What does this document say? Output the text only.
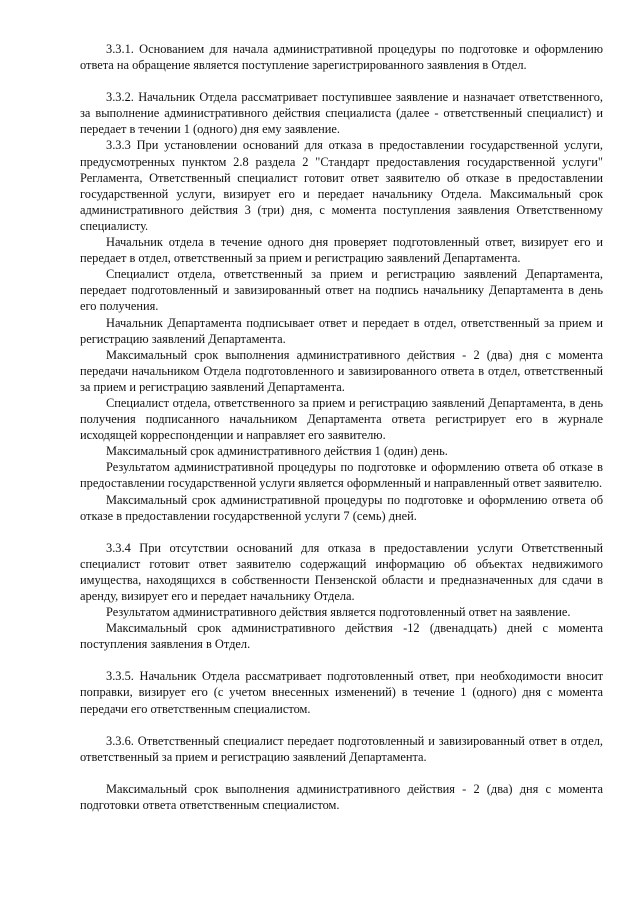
3.3.1. Основанием для начала административной процедуры по подготовке и оформлению ответа на обращение является поступление зарегистрированного заявления в Отдел.

3.3.2. Начальник Отдела рассматривает поступившее заявление и назначает ответственного, за выполнение административного действия специалиста (далее - ответственный специалист) и передает в течении 1 (одного) дня ему заявление.

3.3.3 При установлении оснований для отказа в предоставлении государственной услуги, предусмотренных пунктом 2.8 раздела 2 "Стандарт предоставления государственной услуги" Регламента, Ответственный специалист готовит ответ заявителю об отказе в предоставлении государственной услуги, визирует его и передает начальнику Отдела. Максимальный срок административного действия 3 (три) дня, с момента поступления заявления Ответственному специалисту.

Начальник отдела в течение одного дня проверяет подготовленный ответ, визирует его и передает в отдел, ответственный за прием и регистрацию заявлений Департамента.

Специалист отдела, ответственный за прием и регистрацию заявлений Департамента, передает подготовленный и завизированный ответ на подпись начальнику Департамента в день его получения.

Начальник Департамента подписывает ответ и передает в отдел, ответственный за прием и регистрацию заявлений Департамента.

Максимальный срок выполнения административного действия - 2 (два) дня с момента передачи начальником Отдела подготовленного и завизированного ответа в отдел, ответственный за прием и регистрацию заявлений Департамента.

Специалист отдела, ответственного за прием и регистрацию заявлений Департамента, в день получения подписанного начальником Департамента ответа регистрирует его в журнале исходящей корреспонденции и направляет его заявителю.

Максимальный срок административного действия 1 (один) день.

Результатом административной процедуры по подготовке и оформлению ответа об отказе в предоставлении государственной услуги является оформленный и направленный ответ заявителю.

Максимальный срок административной процедуры по подготовке и оформлению ответа об отказе в предоставлении государственной услуги 7 (семь) дней.

3.3.4 При отсутствии оснований для отказа в предоставлении услуги Ответственный специалист готовит ответ заявителю содержащий информацию об объектах недвижимого имущества, находящихся в собственности Пензенской области и предназначенных для сдачи в аренду, визирует его и передает начальнику Отдела.

Результатом административного действия является подготовленный ответ на заявление.

Максимальный срок административного действия -12 (двенадцать) дней с момента поступления заявления в Отдел.

3.3.5. Начальник Отдела рассматривает подготовленный ответ, при необходимости вносит поправки, визирует его (с учетом внесенных изменений) в течение 1 (одного) дня с момента передачи его ответственным специалистом.

3.3.6. Ответственный специалист передает подготовленный и завизированный ответ в отдел, ответственный за прием и регистрацию заявлений Департамента.

Максимальный срок выполнения административного действия - 2 (два) дня с момента подготовки ответа ответственным специалистом.
